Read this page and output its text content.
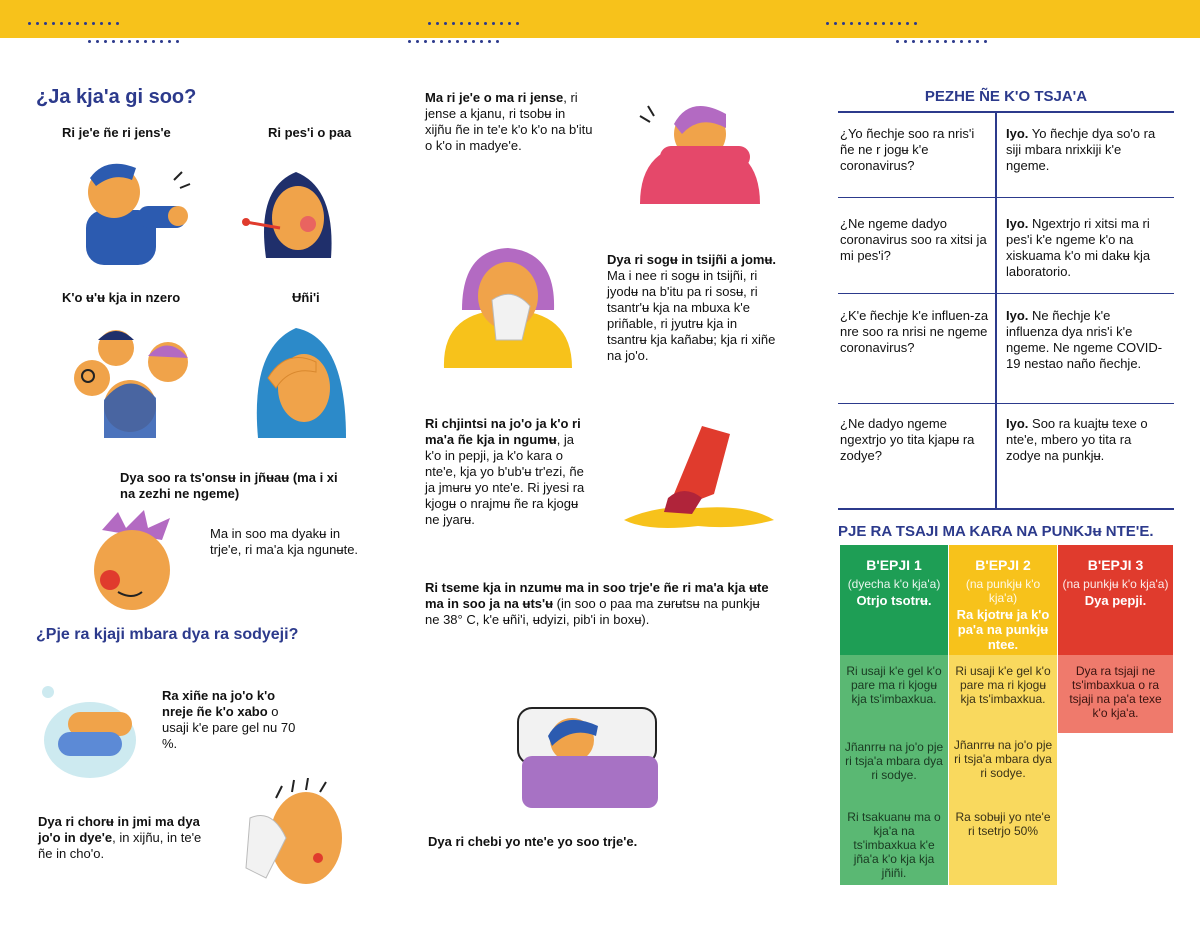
¿Ja kja'a gi soo?
Ri je'e ñe ri jens'e	Ri pes'i o paa
K'o ʉ'ʉ kja in nzero	Ʉñi'i
Dya soo ra ts'onsʉ in jñʉaʉ (ma i xi na zezhi ne ngeme)
Ma in soo ma dyakʉ in trje'e, ri ma'a kja ngunʉte.
¿Pje ra kjaji mbara dya ra sodyeji?
Ra xiñe na jo'o k'o nreje ñe k'o xabo o usaji k'e pare gel nu 70 %.
Dya ri chorʉ in jmi ma dya jo'o in dye'e, in xijñu, in te'e ñe in cho'o.
Ma ri je'e o ma ri jense, ri jense a kjanu, ri tsobʉ in xijñu ñe in te'e k'o k'o na b'itu o k'o in madye'e.
Dya ri sogʉ in tsijñi a jomʉ. Ma i nee ri sogʉ in tsijñi, ri jyodʉ na b'itu pa ri sosʉ, ri tsantr'ʉ kja na mbuxa k'e priñable, ri jyutrʉ kja in tsantrʉ kja kañabʉ; kja ri xiñe na jo'o.
Ri chjintsi na jo'o ja k'o ri ma'a ñe kja in ngumʉ, ja k'o in pepji, ja k'o kara o nte'e, kja yo b'ub'ʉ tr'ezi, ñe ja jmʉrʉ yo nte'e. Ri jyesi ra kjogʉ o nrajmʉ ñe ra kjogʉ ne jyarʉ.
Ri tseme kja in nzumʉ ma in soo trje'e ñe ri ma'a kja ʉte ma in soo ja na ʉts'ʉ (in soo o paa ma zʉrʉtsʉ na punkjʉ ne 38° C, k'e ʉñi'i, ʉdyizi, pib'i in boxʉ).
Dya ri chebi yo nte'e yo soo trje'e.
PEZHE ÑE K'O TSJA'A
¿Yo ñechje soo ra nris'i ñe ne r jogʉ k'e coronavirus?
Iyo. Yo ñechje dya so'o ra siji mbara nrixkiji k'e ngeme.
¿Ne ngeme dadyo coronavirus soo ra xitsi ja mi pes'i?
Iyo. Ngextrjo ri xitsi ma ri pes'i k'e ngeme k'o na xiskuama k'o mi dakʉ kja laboratorio.
¿K'e ñechje k'e influen-za nre soo ra nrisi ne ngeme coronavirus?
Iyo. Ne ñechje k'e influenza dya nris'i k'e ngeme. Ne ngeme COVID-19 nestao naño ñechje.
¿Ne dadyo ngeme ngextrjo yo tita kjapʉ ra zodye?
Iyo. Soo ra kuajtʉ texe o nte'e, mbero yo tita ra zodye na punkjʉ.
PJE RA TSAJI MA KARA NA PUNKJʉ NTE'E.
B'EPJI 1
(dyecha k'o kja'a)
Otrjo tsotrʉ.
Ri usaji k'e gel k'o pare ma ri kjogʉ kja ts'imbaxkua.
Jñanrrʉ na jo'o pje ri tsja'a mbara dya ri sodye.
Ri tsakuanʉ ma o kja'a na ts'imbaxkua k'e jña'a k'o kja kja jñiñi.
B'EPJI 2
(na punkjʉ k'o kja'a)
Ra kjotrʉ ja k'o pa'a na punkjʉ ntee.
Ri usaji k'e gel k'o pare ma ri kjogʉ kja ts'imbaxkua.
Jñanrrʉ na jo'o pje ri tsja'a mbara dya ri sodye.
Ra sobʉji yo nte'e ri tsetrjo 50%
B'EPJI 3
(na punkjʉ k'o kja'a)
Dya pepji.
Dya ra tsjaji ne ts'imbaxkua o ra tsjaji na pa'a texe k'o kja'a.
